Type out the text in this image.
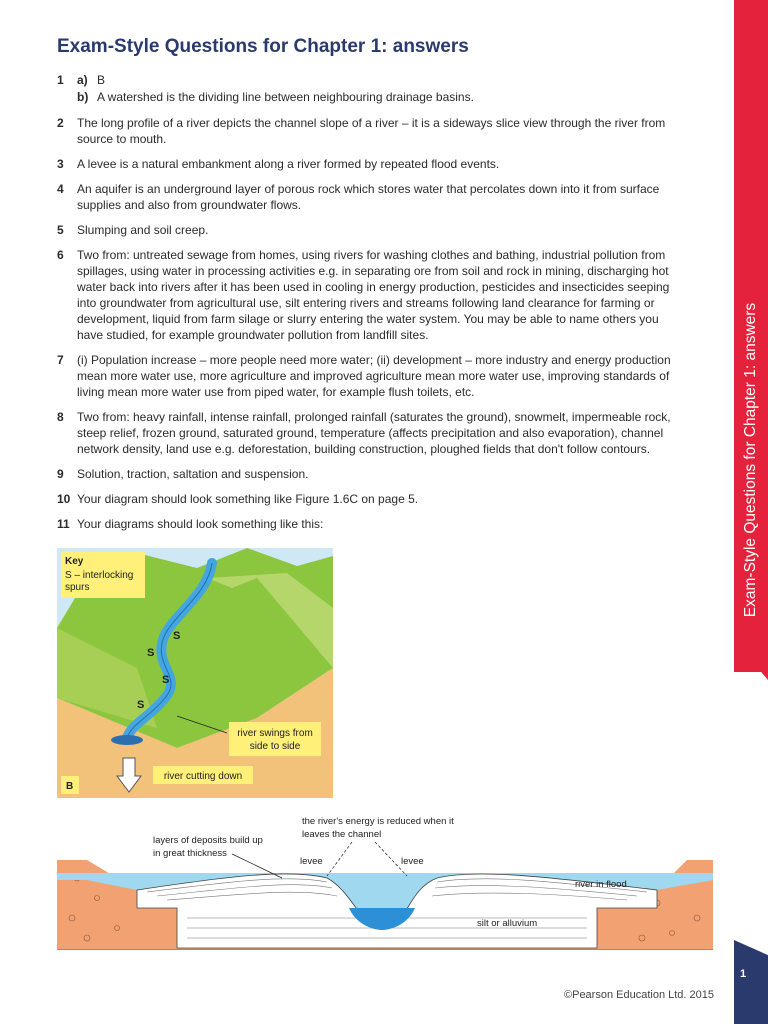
Exam-Style Questions for Chapter 1: answers
Exam-Style Questions for Chapter 1: answers
1	a) B
b) A watershed is the dividing line between neighbouring drainage basins.
2	The long profile of a river depicts the channel slope of a river – it is a sideways slice view through the river from source to mouth.
3	A levee is a natural embankment along a river formed by repeated flood events.
4	An aquifer is an underground layer of porous rock which stores water that percolates down into it from surface supplies and also from groundwater flows.
5	Slumping and soil creep.
6	Two from: untreated sewage from homes, using rivers for washing clothes and bathing, industrial pollution from spillages, using water in processing activities e.g. in separating ore from soil and rock in mining, discharging hot water back into rivers after it has been used in cooling in energy production, pesticides and insecticides seeping into groundwater from agricultural use, silt entering rivers and streams following land clearance for farming or development, liquid from farm silage or slurry entering the water system. You may be able to name others you have studied, for example groundwater pollution from landfill sites.
7	(i) Population increase – more people need more water; (ii) development – more industry and energy production mean more water use, more agriculture and improved agriculture mean more water use, improving standards of living mean more water use from piped water, for example flush toilets, etc.
8	Two from: heavy rainfall, intense rainfall, prolonged rainfall (saturates the ground), snowmelt, impermeable rock, steep relief, frozen ground, saturated ground, temperature (affects precipitation and also evaporation), channel network density, land use e.g. deforestation, building construction, ploughed fields that don't follow contours.
9	Solution, traction, saltation and suspension.
10 Your diagram should look something like Figure 1.6C on page 5.
11 Your diagrams should look something like this:
Key
S – interlocking
spurs
S
S
S
S
river swings from
side to side
river cutting down
B
the river's energy is reduced when it
leaves the channel
layers of deposits build up
in great thickness
levee	levee
river in flood
silt or alluvium
1
©Pearson Education Ltd. 2015
